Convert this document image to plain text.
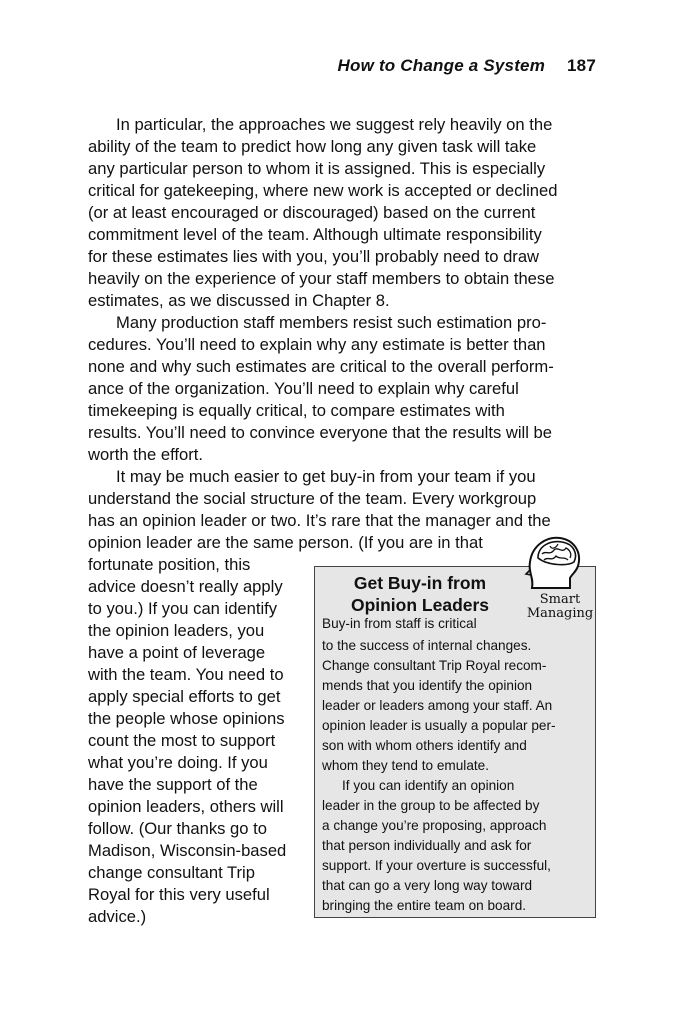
How to Change a System 187
In particular, the approaches we suggest rely heavily on the
ability of the team to predict how long any given task will take
any particular person to whom it is assigned. This is especially
critical for gatekeeping, where new work is accepted or declined
(or at least encouraged or discouraged) based on the current
commitment level of the team. Although ultimate responsibility
for these estimates lies with you, you’ll probably need to draw
heavily on the experience of your staff members to obtain these
estimates, as we discussed in Chapter 8.
Many production staff members resist such estimation pro-
cedures. You’ll need to explain why any estimate is better than
none and why such estimates are critical to the overall perform-
ance of the organization. You’ll need to explain why careful
timekeeping is equally critical, to compare estimates with
results. You’ll need to convince everyone that the results will be
worth the effort.
It may be much easier to get buy-in from your team if you
understand the social structure of the team. Every workgroup
has an opinion leader or two. It’s rare that the manager and the
opinion leader are the same person. (If you are in that
fortunate position, this
advice doesn’t really apply
to you.) If you can identify
the opinion leaders, you
have a point of leverage
with the team. You need to
apply special efforts to get
the people whose opinions
count the most to support
what you’re doing. If you
have the support of the
opinion leaders, others will
follow. (Our thanks go to
Madison, Wisconsin-based
change consultant Trip
Royal for this very useful
advice.)
Get Buy-in from
Opinion Leaders
Buy-in from staff is critical
to the success of internal changes.
Change consultant Trip Royal recom-
mends that you identify the opinion
leader or leaders among your staff. An
opinion leader is usually a popular per-
son with whom others identify and
whom they tend to emulate.
If you can identify an opinion
leader in the group to be affected by
a change you’re proposing, approach
that person individually and ask for
support. If your overture is successful,
that can go a very long way toward
bringing the entire team on board.
Smart
Managing
